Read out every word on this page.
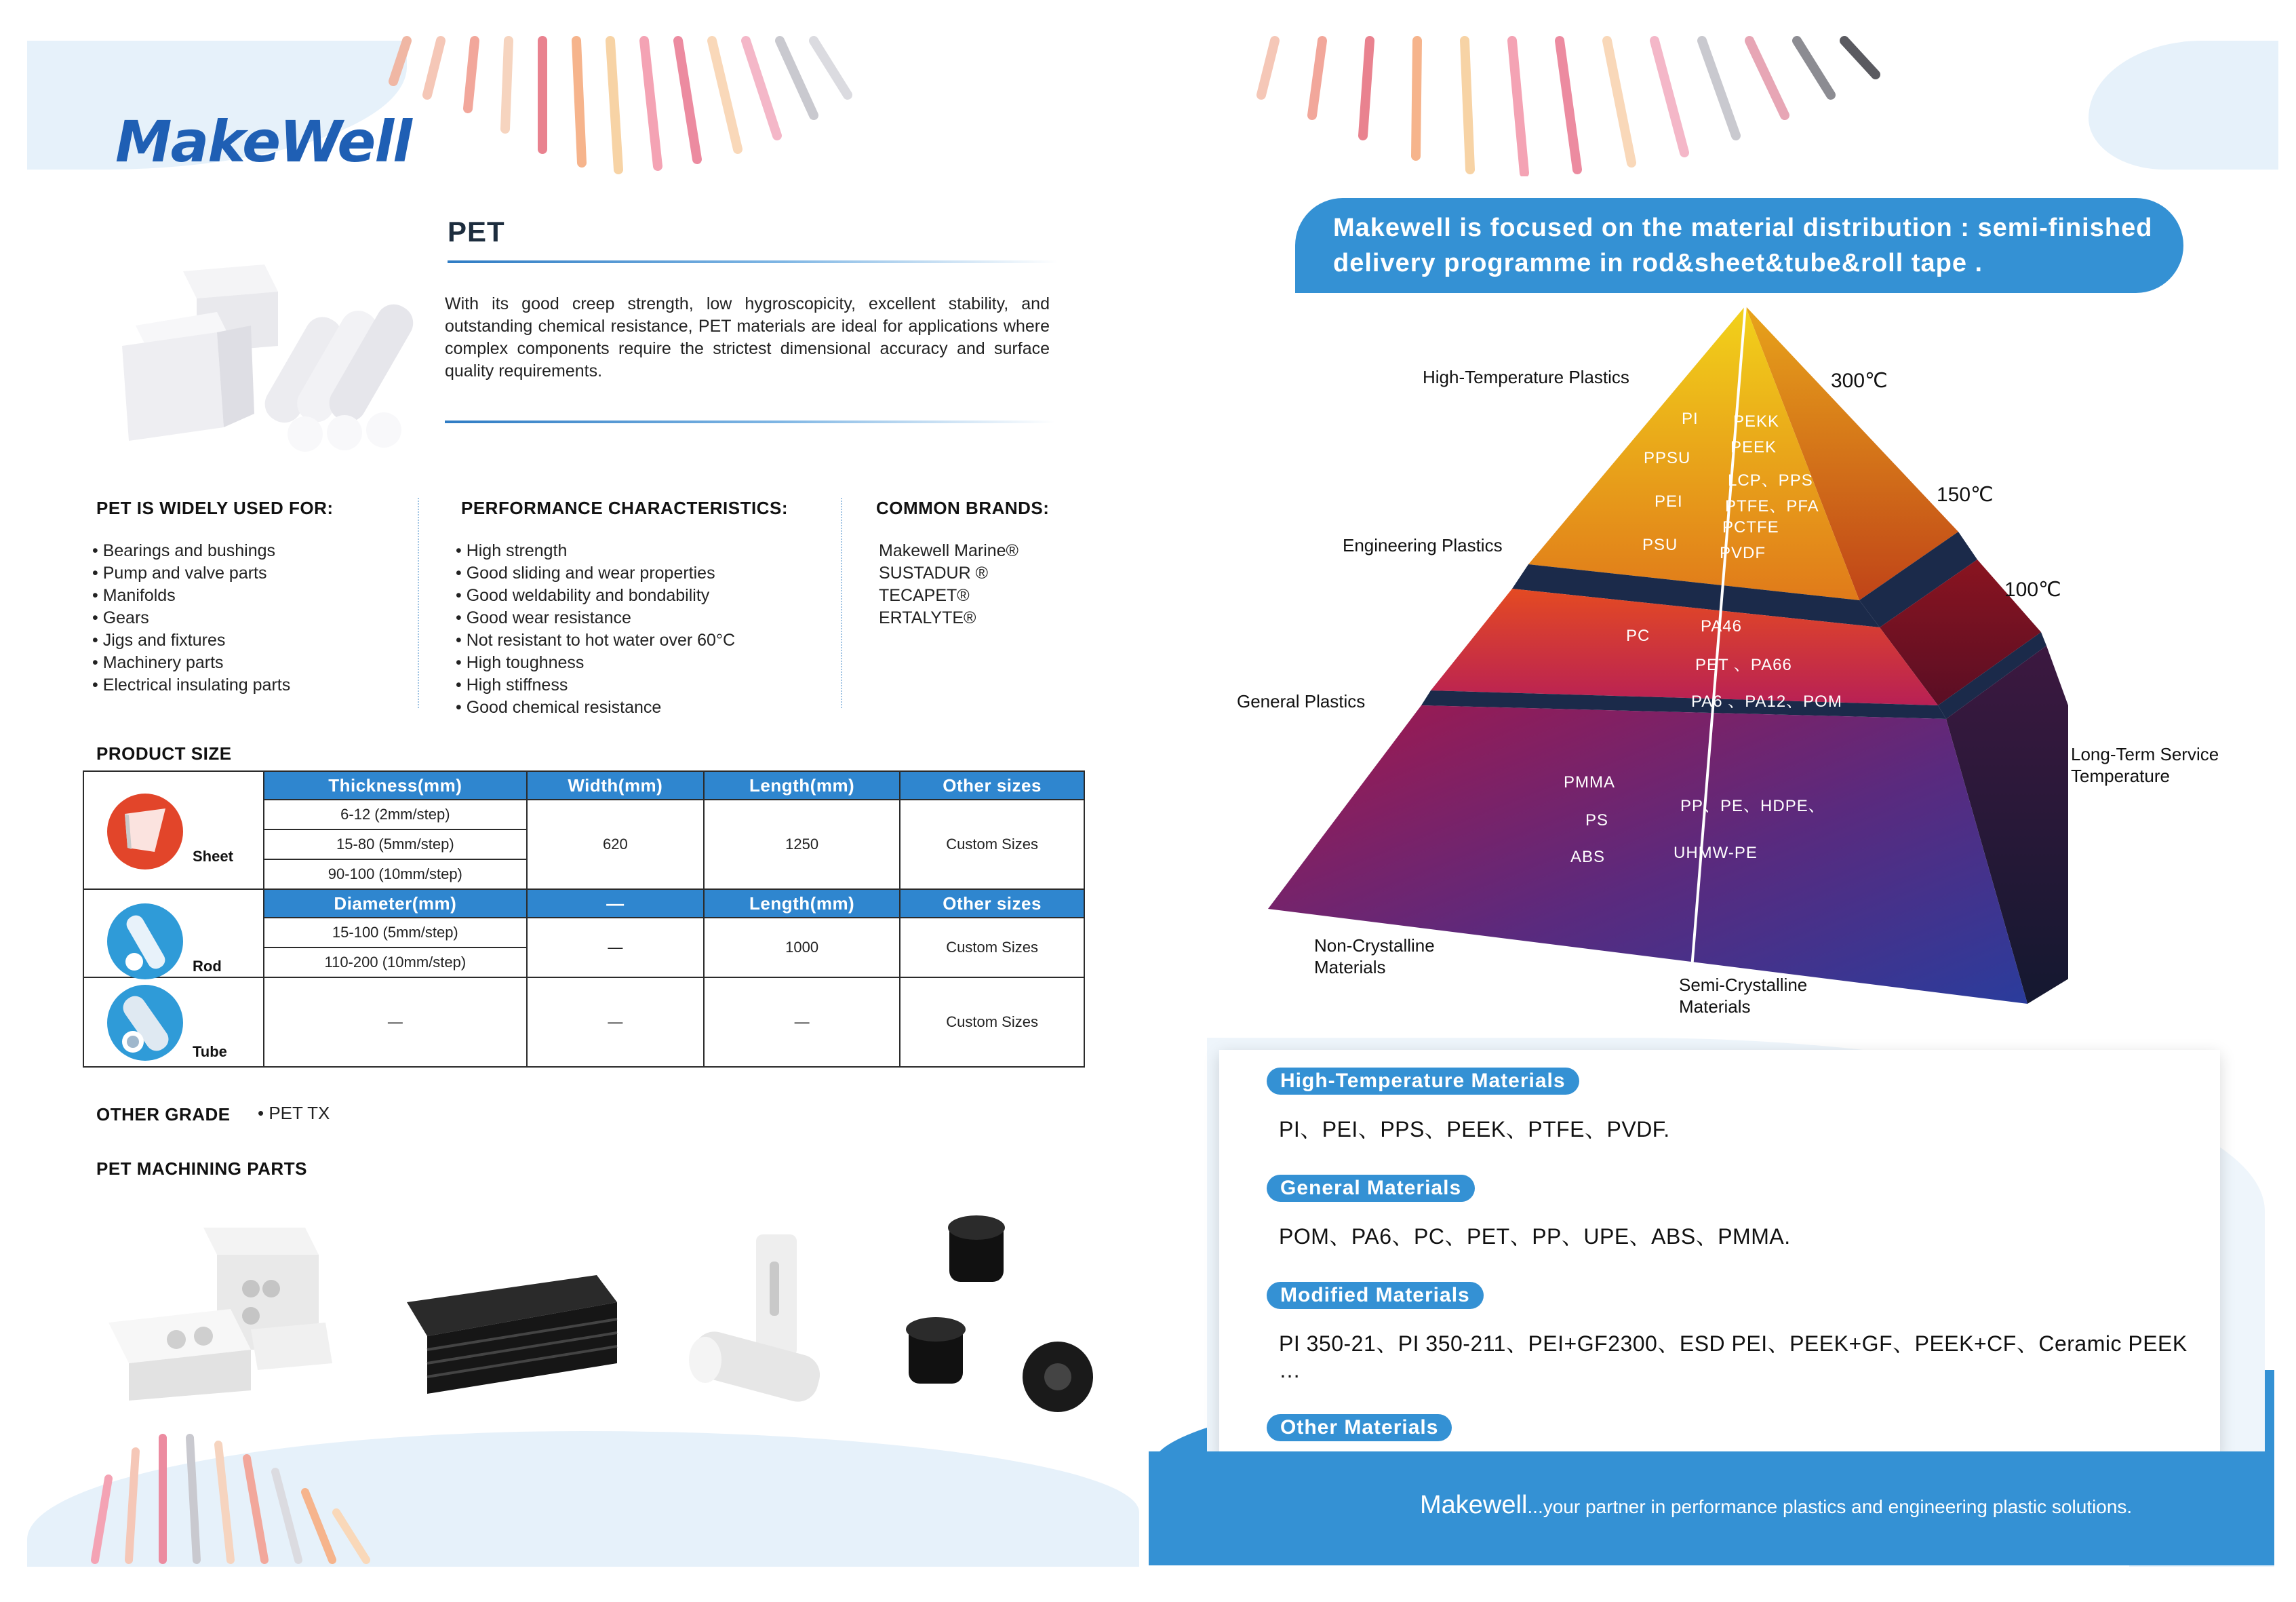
MakeWell
PET
With its good creep strength, low hygroscopicity, excellent stability, and outstanding chemical resistance, PET materials are ideal for applications where complex components require the strictest dimensional accuracy and surface quality requirements.
PET IS WIDELY USED FOR:
• Bearings and bushings
• Pump and valve parts
• Manifolds
• Gears
• Jigs and fixtures
• Machinery parts
• Electrical insulating parts
PERFORMANCE CHARACTERISTICS:
• High strength
• Good sliding and wear properties
• Good weldability and bondability
• Good wear resistance
• Not resistant to hot water over 60°C
• High toughness
• High stiffness
• Good chemical resistance
COMMON BRANDS:
Makewell Marine®
SUSTADUR ®
TECAPET®
ERTALYTE®
PRODUCT SIZE
Sheet	Thickness(mm)	Width(mm)	Length(mm)	Other sizes
	6-12 (2mm/step)	620	1250	Custom Sizes
	15-80 (5mm/step)			
	90-100 (10mm/step)			

Rod	Diameter(mm)	—	Length(mm)	Other sizes
	15-100 (5mm/step)	—	1000	Custom Sizes
	110-200 (10mm/step)			

Tube	—	—	—	Custom Sizes
OTHER GRADE • PET TX
PET MACHINING PARTS
Makewell is focused on the material distribution : semi-finished delivery programme in rod&sheet&tube&roll tape .
High-Temperature Plastics
Engineering Plastics
General Plastics
300℃
150℃
100℃
Long-Term Service Temperature
Non-Crystalline Materials
Semi-Crystalline Materials
PI
PPSU
PEI
PSU
PEKK
PEEK
LCP、PPS
PTFE、PFA
PCTFE
PVDF
PC
PA46
PET 、PA66
PA6 、PA12、POM
PMMA
PS
ABS
PP、PE、HDPE、
UHMW-PE
High-Temperature Materials
PI、PEI、PPS、PEEK、PTFE、PVDF.
General Materials
POM、PA6、PC、PET、PP、UPE、ABS、PMMA.
Modified Materials
PI 350-21、PI 350-211、PEI+GF2300、ESD PEI、PEEK+GF、PEEK+CF、Ceramic PEEK …
Other Materials
Makewell...your partner in performance plastics and engineering plastic solutions.
